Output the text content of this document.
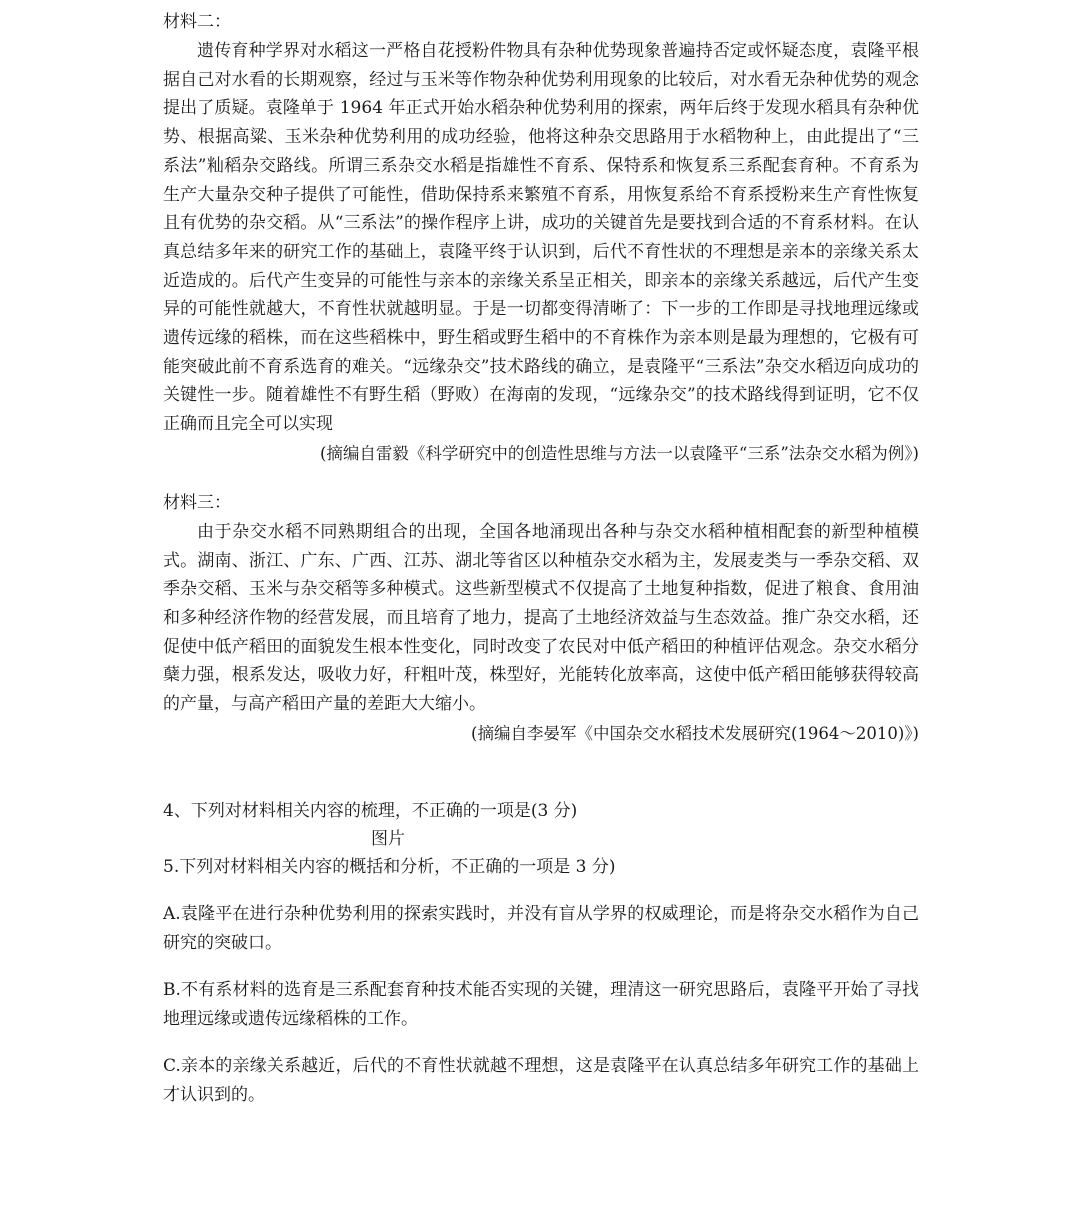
材料二：

遗传育种学界对水稻这一严格自花授粉件物具有杂种优势现象普遍持否定或怀疑态度，袁隆平根据自己对水看的长期观察，经过与玉米等作物杂种优势利用现象的比较后，对水看无杂种优势的观念提出了质疑。袁隆单于 1964 年正式开始水稻杂种优势利用的探索，两年后终于发现水稻具有杂种优势、根据高粱、玉米杂种优势利用的成功经验，他将这种杂交思路用于水稻物种上，由此提出了“三系法”籼稻杂交路线。所谓三系杂交水稻是指雄性不育系、保特系和恢复系三系配套育种。不育系为生产大量杂交种子提供了可能性，借助保持系来繁殖不育系，用恢复系给不育系授粉来生产育性恢复且有优势的杂交稻。从“三系法”的操作程序上讲，成功的关键首先是要找到合适的不育系材料。在认真总结多年来的研究工作的基础上，袁隆平终于认识到，后代不育性状的不理想是亲本的亲缘关系太近造成的。后代产生变异的可能性与亲本的亲缘关系呈正相关，即亲本的亲缘关系越远，后代产生变异的可能性就越大，不育性状就越明显。于是一切都变得清晰了：下一步的工作即是寻找地理远缘或遗传远缘的稻株，而在这些稻株中，野生稻或野生稻中的不育株作为亲本则是最为理想的，它极有可能突破此前不育系选育的难关。“远缘杂交”技术路线的确立，是袁隆平“三系法”杂交水稻迈向成功的关键性一步。随着雄性不有野生稻（野败）在海南的发现，“远缘杂交”的技术路线得到证明，它不仅正确而且完全可以实现

(摘编自雷毅《科学研究中的创造性思维与方法一以袁隆平“三系”法杂交水稻为例》)

材料三：

由于杂交水稻不同熟期组合的出现，全国各地涌现出各种与杂交水稻种植相配套的新型种植模式。湖南、浙江、广东、广西、江苏、湖北等省区以种植杂交水稻为主，发展麦类与一季杂交稻、双季杂交稻、玉米与杂交稻等多种模式。这些新型模式不仅提高了土地复种指数，促进了粮食、食用油和多种经济作物的经营发展，而且培育了地力，提高了土地经济效益与生态效益。推广杂交水稻，还促使中低产稻田的面貌发生根本性变化，同时改变了农民对中低产稻田的种植评估观念。杂交水稻分蘖力强，根系发达，吸收力好，秆粗叶茂，株型好，光能转化放率高，这使中低产稻田能够获得较高的产量，与高产稻田产量的差距大大缩小。

(摘编自李晏军《中国杂交水稻技术发展研究(1964～2010)》)

4、下列对材料相关内容的梳理，不正确的一项是(3 分)

图片

5.下列对材料相关内容的概括和分析，不正确的一项是 3 分)

A.袁隆平在进行杂种优势利用的探索实践时，并没有盲从学界的权威理论，而是将杂交水稻作为自己研究的突破口。

B.不有系材料的选育是三系配套育种技术能否实现的关键，理清这一研究思路后，袁隆平开始了寻找地理远缘或遗传远缘稻株的工作。

C.亲本的亲缘关系越近，后代的不育性状就越不理想，这是袁隆平在认真总结多年研究工作的基础上才认识到的。
